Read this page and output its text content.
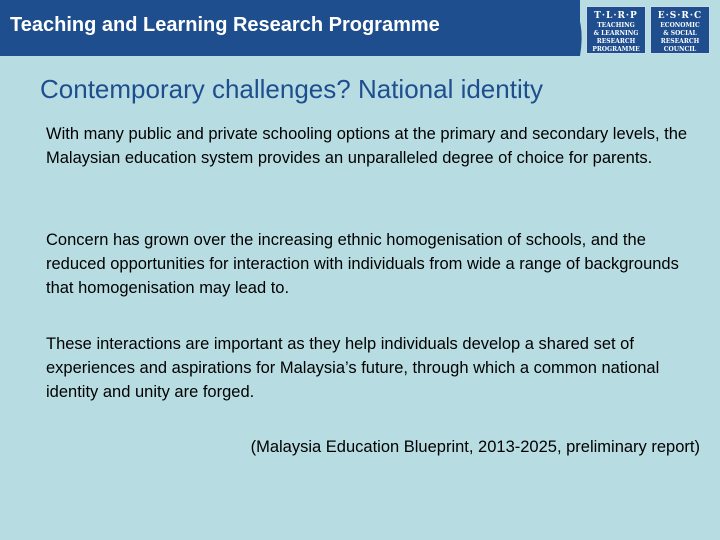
Teaching and Learning Research Programme	T·L·R·P
TEACHING
& LEARNING
RESEARCH
PROGRAMME
E·S·R·C
ECONOMIC
& SOCIAL
RESEARCH
COUNCIL
Contemporary challenges? National identity
With many public and private schooling options at the primary and secondary levels, the Malaysian education system provides an unparalleled degree of choice for parents.
Concern has grown over the increasing ethnic homogenisation of schools, and the reduced opportunities for interaction with individuals from wide a range of backgrounds that homogenisation may lead to.
These interactions are important as they help individuals develop a shared set of experiences and aspirations for Malaysia’s future, through which a common national identity and unity are forged.
(Malaysia Education Blueprint, 2013-2025, preliminary report)
